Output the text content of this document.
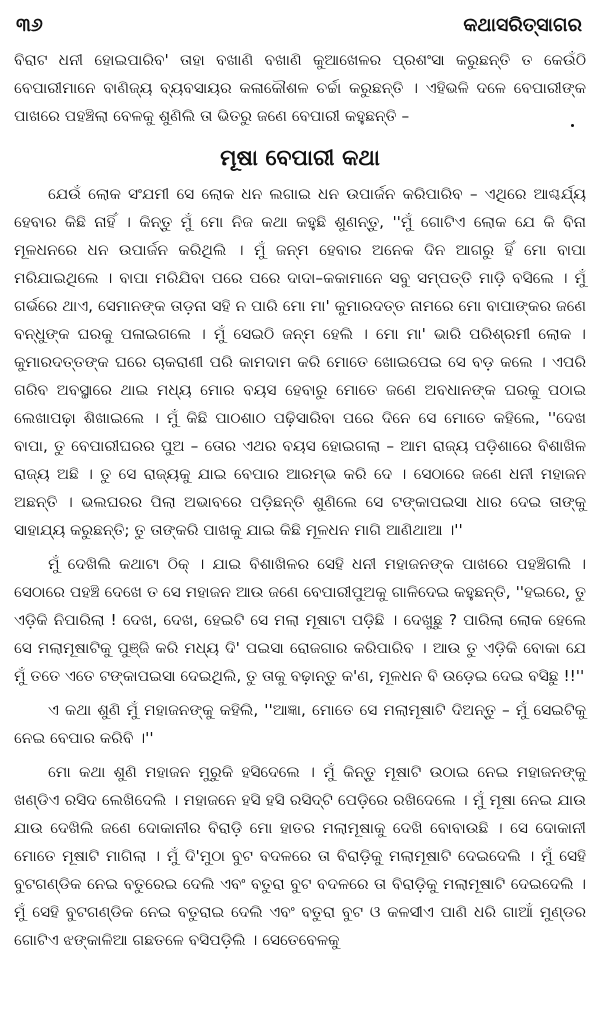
୩୬	କଥାସରିତ୍‌ସାଗର

ବିରାଟ ଧନୀ ହୋଇପାରିବ' ତାହା ବଖାଣି ବଖାଣି କୁଆଖେଳର ପ୍ରଶଂସା କରୁଛନ୍ତି ତ କେଉଁଠି ବେପାରୀମାନେ ବାଣିଜ୍ୟ ବ୍ୟବସାୟର କଳାକୌଶଳ ଚର୍ଚ୍ଚା କରୁଛନ୍ତି । ଏହିଭଳି ଦଳେ ବେପାରୀଙ୍କ ପାଖରେ ପହଞ୍ଚିଲା ବେଳକୁ ଶୁଣିଲି ତା ଭିତରୁ ଜଣେ ବେପାରୀ କହୁଛନ୍ତି –

ମୂଷା ବେପାରୀ କଥା

ଯେଉଁ ଲୋକ ସଂଯମୀ ସେ ଲୋକ ଧନ ଲଗାଇ ଧନ ଉପାର୍ଜନ କରିପାରିବ – ଏଥିରେ ଆଶ୍ଚର୍ଯ୍ୟ ହେବାର କିଛି ନାହିଁ । କିନ୍ତୁ ମୁଁ ମୋ ନିଜ କଥା କହୁଛି ଶୁଣନ୍ତୁ, ''ମୁଁ ଗୋଟିଏ ଲୋକ ଯେ କି ବିନା ମୂଳଧନରେ ଧନ ଉପାର୍ଜନ କରିଥିଲି । ମୁଁ ଜନ୍ମ ହେବାର ଅନେକ ଦିନ ଆଗରୁ ହିଁ ମୋ ବାପା ମରିଯାଇଥିଲେ । ବାପା ମରିଯିବା ପରେ ପରେ ଦାଦା–କକାମାନେ ସବୁ ସମ୍ପତ୍ତି ମାଡ଼ି ବସିଲେ । ମୁଁ ଗର୍ଭରେ ଥାଏ, ସେମାନଙ୍କ ତାଡ଼ନା ସହି ନ ପାରି ମୋ ମା' କୁମାରଦତ୍ତ ନାମରେ ମୋ ବାପାଙ୍କର ଜଣେ ବନ୍ଧୁଙ୍କ ଘରକୁ ପଳାଇଗଲେ । ମୁଁ ସେଇଠି ଜନ୍ମ ହେଲି । ମୋ ମା' ଭାରି ପରିଶ୍ରମୀ ଲୋକ । କୁମାରଦତ୍ତଙ୍କ ଘରେ ଚାକରାଣୀ ପରି କାମଦାମ କରି ମୋତେ ଖୋଇପେଇ ସେ ବଡ଼ କଲେ । ଏପରି ଗରିବ ଅବସ୍ଥାରେ ଥାଇ ମଧ୍ୟ ମୋର ବୟସ ହେବାରୁ ମୋତେ ଜଣେ ଅବଧାନଙ୍କ ଘରକୁ ପଠାଇ ଲେଖାପଢ଼ା ଶିଖାଇଲେ । ମୁଁ କିଛି ପାଠଶାଠ ପଢ଼ିସାରିବା ପରେ ଦିନେ ସେ ମୋତେ କହିଲେ, ''ଦେଖ ବାପା, ତୁ ବେପାରୀଘରର ପୁଅ – ତୋର ଏଥର ବୟସ ହୋଇଗଲା – ଆମ ରାଜ୍ୟ ପଡ଼ିଶାରେ ବିଶାଖିଳ ରାଜ୍ୟ ଅଛି । ତୁ ସେ ରାଜ୍ୟକୁ ଯାଇ ବେପାର ଆରମ୍ଭ କରି ଦେ । ସେଠାରେ ଜଣେ ଧନୀ ମହାଜନ ଅଛନ୍ତି । ଭଲଘରର ପିଲା ଅଭାବରେ ପଡ଼ିଛନ୍ତି ଶୁଣିଲେ ସେ ଟଙ୍କାପଇସା ଧାର ଦେଇ ତାଙ୍କୁ ସାହାଯ୍ୟ କରୁଛନ୍ତି; ତୁ ତାଙ୍କରି ପାଖକୁ ଯାଇ କିଛି ମୂଳଧନ ମାଗି ଆଣିଥାଆ ।''

ମୁଁ ଦେଖିଲି କଥାଟା ଠିକ୍ । ଯାଇ ବିଶାଖିଳର ସେହି ଧନୀ ମହାଜନଙ୍କ ପାଖରେ ପହଞ୍ଚିଗଲି । ସେଠାରେ ପହଞ୍ଚି ଦେଖେ ତ ସେ ମହାଜନ ଆଉ ଜଣେ ବେପାରୀପୁଅକୁ ଗାଳିଦେଇ କହୁଛନ୍ତି, ''ହଇରେ, ତୁ ଏଡ଼ିକି ନିପାରିଲା ! ଦେଖ, ଦେଖ, ହେଇଟି ସେ ମଲା ମୂଷାଟା ପଡ଼ିଛି । ଦେଖୁଛୁ ? ପାରିଲା ଲୋକ ହେଲେ ସେ ମଲାମୂଷାଟିକୁ ପୁଞ୍ଜି କରି ମଧ୍ୟ ଦି' ପଇସା ରୋଜଗାର କରିପାରିବ । ଆଉ ତୁ ଏଡ଼ିକି ବୋକା ଯେ ମୁଁ ତତେ ଏତେ ଟଙ୍କାପଇସା ଦେଇଥିଲି, ତୁ ତାକୁ ବଢ଼ାନ୍ତୁ କ'ଣ, ମୂଳଧନ ବି ଉଡ଼େଇ ଦେଇ ବସିଛୁ !!''

ଏ କଥା ଶୁଣି ମୁଁ ମହାଜନଙ୍କୁ କହିଲି, ''ଆଜ୍ଞା, ମୋତେ ସେ ମଲାମୂଷାଟି ଦିଅନ୍ତୁ – ମୁଁ ସେଇଟିକୁ ନେଇ ବେପାର କରିବି ।''

ମୋ କଥା ଶୁଣି ମହାଜନ ମୁରୁକି ହସିଦେଲେ । ମୁଁ କିନ୍ତୁ ମୂଷାଟି ଉଠାଇ ନେଇ ମହାଜନଙ୍କୁ ଖଣ୍ଡିଏ ରସିଦ ଲେଖିଦେଲି । ମହାଜନେ ହସି ହସି ରସିଦ୍‌ଟି ପେଡ଼ିରେ ରଖିଦେଲେ । ମୁଁ ମୂଷା ନେଇ ଯାଉ ଯାଉ ଦେଖିଲି ଜଣେ ଦୋକାନୀର ବିରାଡ଼ି ମୋ ହାତର ମଲାମୂଷାକୁ ଦେଖି ବୋବାଉଛି । ସେ ଦୋକାନୀ ମୋତେ ମୂଷାଟି ମାଗିଲା । ମୁଁ ଦି'ମୁଠା ବୁଟ ବଦଳରେ ତା ବିରାଡ଼ିକୁ ମଲାମୂଷାଟି ଦେଇଦେଲି । ମୁଁ ସେହି ବୁଟଗଣ୍ଡିକ ନେଇ ବତୁରେଇ ଦେଲି ଏବଂ ବତୁରା ବୁଟ ବଦଳରେ ତା ବିରାଡ଼ିକୁ ମଲାମୂଷାଟି ଦେଇଦେଲି । ମୁଁ ସେହି ବୁଟଗଣ୍ଡିକ ନେଇ ବତୁରାଇ ଦେଲି ଏବଂ ବତୁରା ବୁଟ ଓ କଳସୀଏ ପାଣି ଧରି ଗାଆଁ ମୁଣ୍ଡର ଗୋଟିଏ ଝଙ୍କାଳିଆ ଗଛତଳେ ବସିପଡ଼ିଲି । ସେତେବେଳକୁ
